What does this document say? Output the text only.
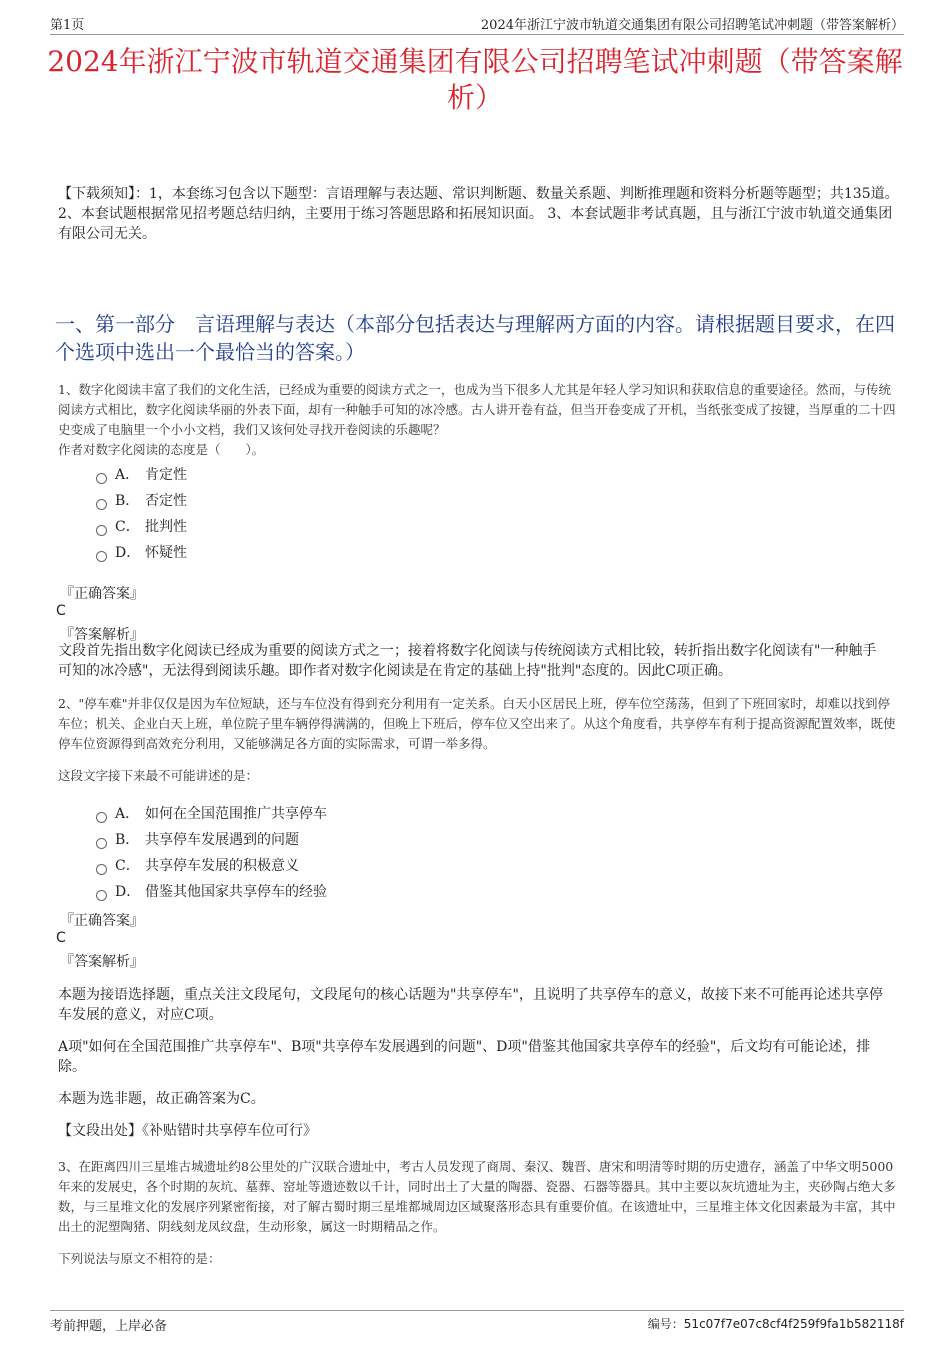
第1页	2024年浙江宁波市轨道交通集团有限公司招聘笔试冲刺题（带答案解析）
2024年浙江宁波市轨道交通集团有限公司招聘笔试冲刺题（带答案解析）
【下载须知】：1，本套练习包含以下题型：言语理解与表达题、常识判断题、数量关系题、判断推理题和资料分析题等题型；共135道。 2、本套试题根据常见招考题总结归纳，主要用于练习答题思路和拓展知识面。 3、本套试题非考试真题，且与浙江宁波市轨道交通集团有限公司无关。
一、第一部分　言语理解与表达（本部分包括表达与理解两方面的内容。请根据题目要求，在四个选项中选出一个最恰当的答案。）
1、数字化阅读丰富了我们的文化生活，已经成为重要的阅读方式之一，也成为当下很多人尤其是年轻人学习知识和获取信息的重要途径。然而，与传统阅读方式相比，数字化阅读华丽的外表下面，却有一种触手可知的冰冷感。古人讲开卷有益，但当开卷变成了开机，当纸张变成了按键，当厚重的二十四史变成了电脑里一个小小文档，我们又该何处寻找开卷阅读的乐趣呢？
作者对数字化阅读的态度是（　　）。
A． 肯定性
B． 否定性
C． 批判性
D． 怀疑性
『正确答案』
C
『答案解析』
文段首先指出数字化阅读已经成为重要的阅读方式之一；接着将数字化阅读与传统阅读方式相比较，转折指出数字化阅读有"一种触手可知的冰冷感"，无法得到阅读乐趣。即作者对数字化阅读是在肯定的基础上持"批判"态度的。因此C项正确。
2、"停车难"并非仅仅是因为车位短缺，还与车位没有得到充分利用有一定关系。白天小区居民上班，停车位空荡荡，但到了下班回家时，却难以找到停车位；机关、企业白天上班，单位院子里车辆停得满满的，但晚上下班后，停车位又空出来了。从这个角度看，共享停车有利于提高资源配置效率，既使停车位资源得到高效充分利用，又能够满足各方面的实际需求，可谓一举多得。
这段文字接下来最不可能讲述的是：
A． 如何在全国范围推广共享停车
B． 共享停车发展遇到的问题
C． 共享停车发展的积极意义
D． 借鉴其他国家共享停车的经验
『正确答案』
C
『答案解析』

本题为接语选择题，重点关注文段尾句，文段尾句的核心话题为"共享停车"，且说明了共享停车的意义，故接下来不可能再论述共享停车发展的意义，对应C项。

A项"如何在全国范围推广共享停车"、B项"共享停车发展遇到的问题"、D项"借鉴其他国家共享停车的经验"，后文均有可能论述，排除。

本题为选非题，故正确答案为C。

【文段出处】《补贴错时共享停车位可行》

3、在距离四川三星堆古城遗址约8公里处的广汉联合遗址中，考古人员发现了商周、秦汉、魏晋、唐宋和明清等时期的历史遗存，涵盖了中华文明5000年来的发展史，各个时期的灰坑、墓葬、窑址等遗迹数以千计，同时出土了大量的陶器、瓷器、石器等器具。其中主要以灰坑遗址为主，夹砂陶占绝大多数，与三星堆文化的发展序列紧密衔接，对了解古蜀时期三星堆都城周边区域聚落形态具有重要价值。在该遗址中，三星堆主体文化因素最为丰富，其中出土的泥塑陶猪、阴线刻龙凤纹盘，生动形象，属这一时期精品之作。
下列说法与原文不相符的是：
考前押题，上岸必备	编号：51c07f7e07c8cf4f259f9fa1b582118f
